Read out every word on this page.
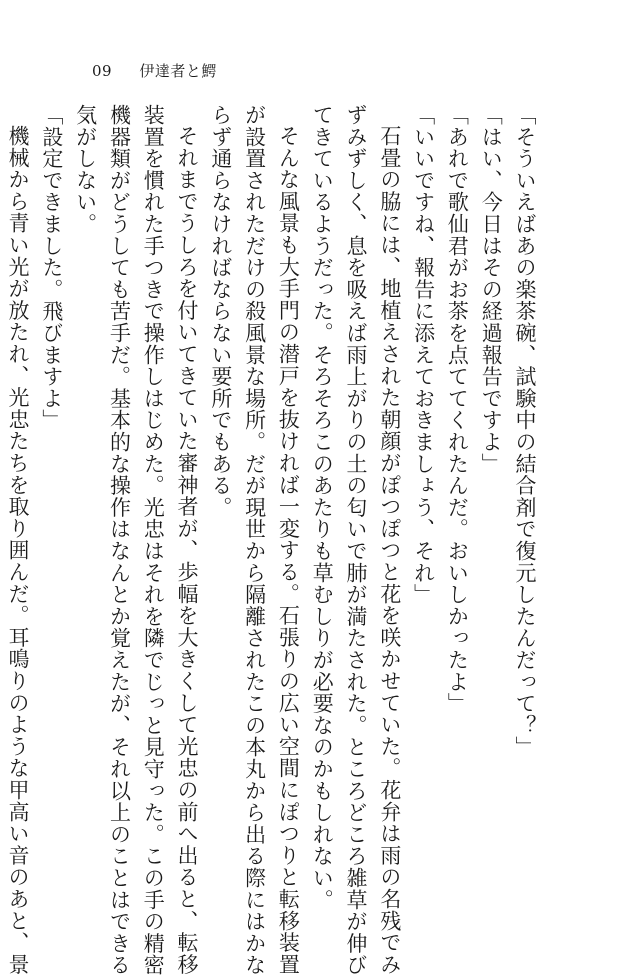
09 伊達者と鰐

「そういえばあの楽茶碗、試験中の結合剤で復元したんだって？」

「はい、今日はその経過報告ですよ」

「あれで歌仙君がお茶を点ててくれたんだ。おいしかったよ」

「いいですね、報告に添えておきましょう、それ」

石畳の脇には、地植えされた朝顔がぽつぽつと花を咲かせていた。花弁は雨の名残でみ

ずみずしく、息を吸えば雨上がりの土の匂いで肺が満たされた。ところどころ雑草が伸び

てきているようだった。そろそろこのあたりも草むしりが必要なのかもしれない。

そんな風景も大手門の潜戸を抜ければ一変する。石張りの広い空間にぽつりと転移装置

が設置されただけの殺風景な場所。だが現世から隔離されたこの本丸から出る際にはかな

らず通らなければならない要所でもある。

それまでうしろを付いてきていた審神者が、歩幅を大きくして光忠の前へ出ると、転移

装置を慣れた手つきで操作しはじめた。光忠はそれを隣でじっと見守った。この手の精密

機器類がどうしても苦手だ。基本的な操作はなんとか覚えたが、それ以上のことはできる

気がしない。

「設定できました。飛びますよ」

機械から青い光が放たれ、光忠たちを取り囲んだ。耳鳴りのような甲高い音のあと、景
